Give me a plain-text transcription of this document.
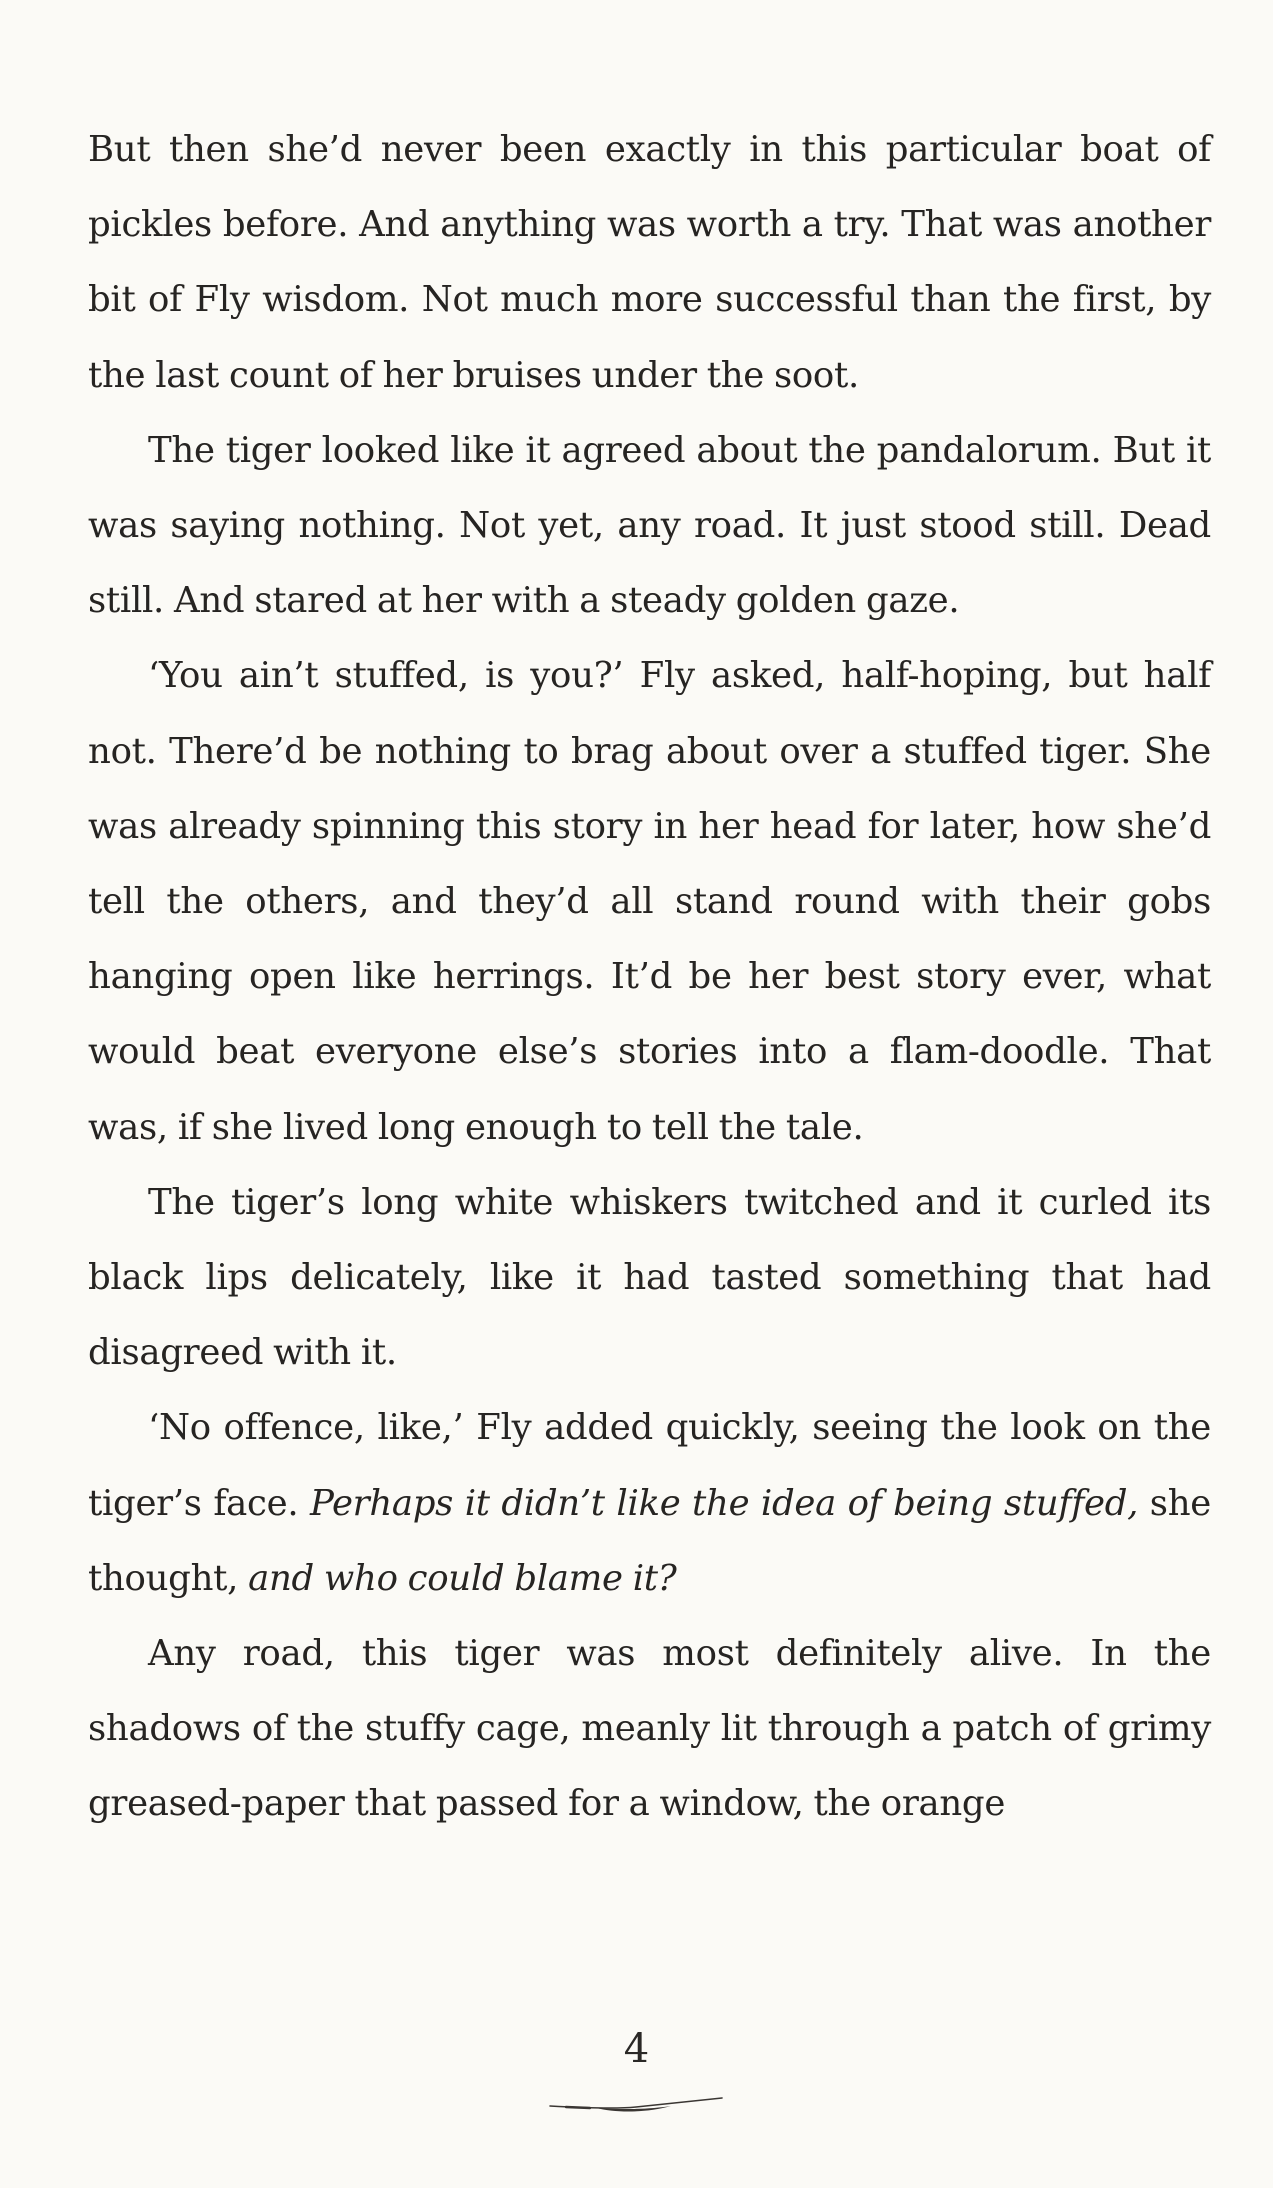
But then she’d never been exactly in this particular boat of pickles before. And anything was worth a try. That was another bit of Fly wisdom. Not much more successful than the first, by the last count of her bruises under the soot.

The tiger looked like it agreed about the pandalorum. But it was saying nothing. Not yet, any road. It just stood still. Dead still. And stared at her with a steady golden gaze.

‘You ain’t stuffed, is you?’ Fly asked, half-hoping, but half not. There’d be nothing to brag about over a stuffed tiger. She was already spinning this story in her head for later, how she’d tell the others, and they’d all stand round with their gobs hanging open like herrings. It’d be her best story ever, what would beat everyone else’s stories into a flam-doodle. That was, if she lived long enough to tell the tale.

The tiger’s long white whiskers twitched and it curled its black lips delicately, like it had tasted something that had disagreed with it.

‘No offence, like,’ Fly added quickly, seeing the look on the tiger’s face. Perhaps it didn’t like the idea of being stuffed, she thought, and who could blame it?

Any road, this tiger was most definitely alive. In the shadows of the stuffy cage, meanly lit through a patch of grimy greased-paper that passed for a window, the orange

4
